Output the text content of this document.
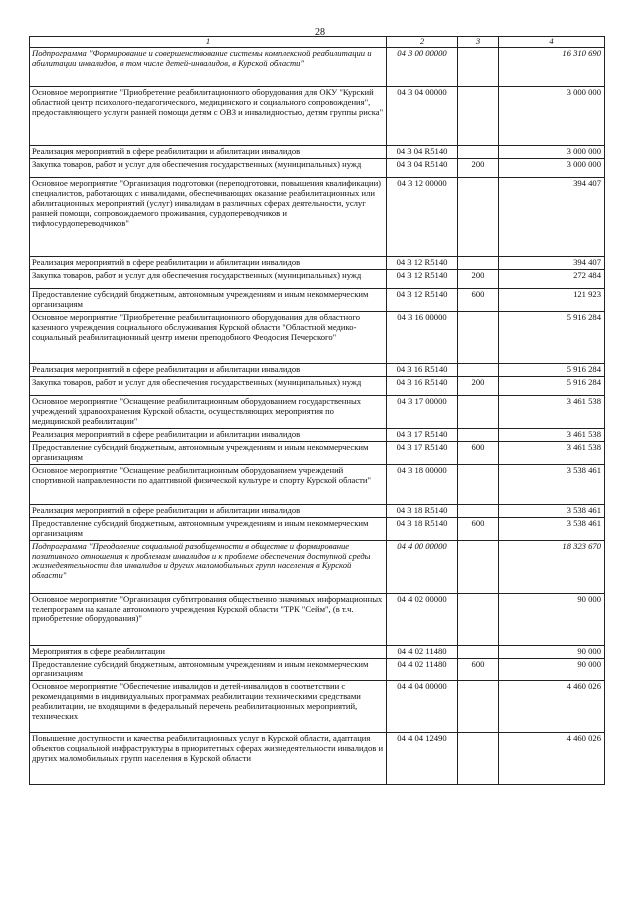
28
1	2	3	4
Подпрограмма "Формирование и совершенствование системы комплексной реабилитации и абилитации инвалидов, в том числе детей-инвалидов, в Курской области"	04 3 00 00000		16 310 690
Основное мероприятие "Приобретение реабилитационного оборудования для ОКУ "Курский областной центр психолого-педагогического, медицинского и социального сопровождения", предоставляющего услуги ранней помощи детям с ОВЗ и инвалидностью, детям группы риска"	04 3 04 00000		3 000 000
Реализация мероприятий в сфере реабилитации и абилитации инвалидов	04 3 04 R5140		3 000 000
Закупка товаров, работ и услуг для обеспечения государственных (муниципальных) нужд	04 3 04 R5140	200	3 000 000
Основное мероприятие "Организация подготовки (переподготовки, повышения квалификации) специалистов, работающих с инвалидами, обеспечивающих оказание реабилитационных или абилитационных мероприятий (услуг) инвалидам в различных сферах деятельности, услуг ранней помощи, сопровождаемого проживания, сурдопереводчиков и тифлосурдопереводчиков"	04 3 12 00000		394 407
Реализация мероприятий в сфере реабилитации и абилитации инвалидов	04 3 12 R5140		394 407
Закупка товаров, работ и услуг для обеспечения государственных (муниципальных) нужд	04 3 12 R5140	200	272 484
Предоставление субсидий бюджетным, автономным учреждениям и иным некоммерческим организациям	04 3 12 R5140	600	121 923
Основное мероприятие "Приобретение реабилитационного оборудования для областного казенного учреждения социального обслуживания Курской области "Областной медико-социальный реабилитационный центр имени преподобного Феодосия Печерского"	04 3 16 00000		5 916 284
Реализация мероприятий в сфере реабилитации и абилитации инвалидов	04 3 16 R5140		5 916 284
Закупка товаров, работ и услуг для обеспечения государственных (муниципальных) нужд	04 3 16 R5140	200	5 916 284
Основное мероприятие "Оснащение реабилитационным оборудованием государственных учреждений здравоохранения Курской области, осуществляющих мероприятия по медицинской реабилитации"	04 3 17 00000		3 461 538
Реализация мероприятий в сфере реабилитации и абилитации инвалидов	04 3 17 R5140		3 461 538
Предоставление субсидий бюджетным, автономным учреждениям и иным некоммерческим организациям	04 3 17 R5140	600	3 461 538
Основное мероприятие "Оснащение реабилитационным оборудованием учреждений спортивной направленности по адаптивной физической культуре и спорту Курской области"	04 3 18 00000		3 538 461
Реализация мероприятий в сфере реабилитации и абилитации инвалидов	04 3 18 R5140		3 538 461
Предоставление субсидий бюджетным, автономным учреждениям и иным некоммерческим организациям	04 3 18 R5140	600	3 538 461
Подпрограмма "Преодоление социальной разобщенности в обществе и формирование позитивного отношения к проблемам инвалидов и к проблеме обеспечения доступной среды жизнедеятельности для инвалидов и других маломобильных групп населения в Курской области"	04 4 00 00000		18 323 670
Основное мероприятие "Организация субтитрования общественно значимых информационных телепрограмм на канале автономного учреждения Курской области "ТРК "Сейм", (в т.ч. приобретение оборудования)"	04 4 02 00000		90 000
Мероприятия в сфере реабилитации	04 4 02 11480		90 000
Предоставление субсидий бюджетным, автономным учреждениям и иным некоммерческим организациям	04 4 02 11480	600	90 000
Основное мероприятие "Обеспечение инвалидов и детей-инвалидов в соответствии с рекомендациями в индивидуальных программах реабилитации техническими средствами реабилитации, не входящими в федеральный перечень реабилитационных мероприятий, технических	04 4 04 00000		4 460 026
Повышение доступности и качества реабилитационных услуг в Курской области, адаптация объектов социальной инфраструктуры в приоритетных сферах жизнедеятельности инвалидов и других маломобильных групп населения в Курской области	04 4 04 12490		4 460 026
